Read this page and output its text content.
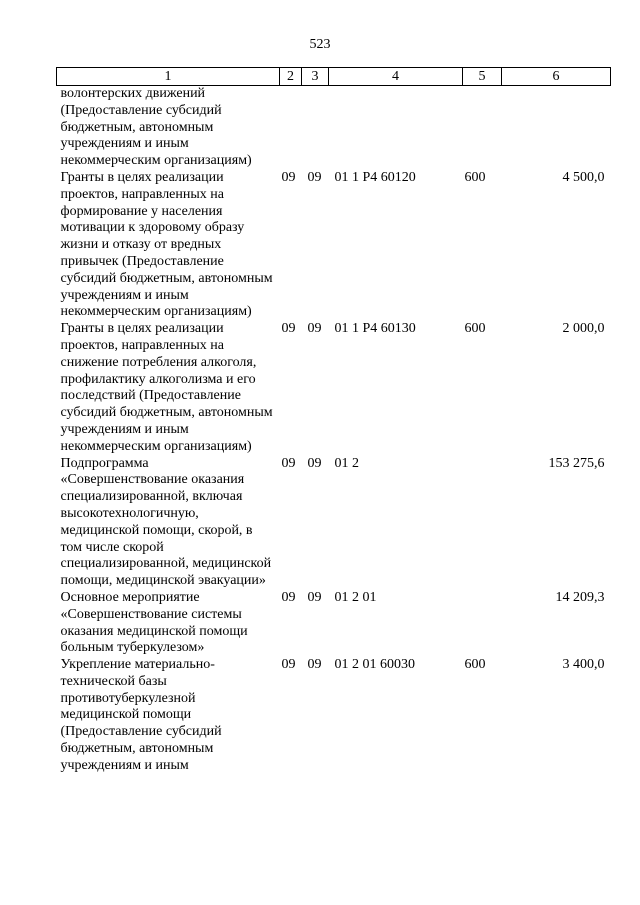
523
1	2	3	4	5	6
волонтерских движений (Предоставление субсидий бюджетным, автономным учреждениям и иным некоммерческим организациям)					
Гранты в целях реализации проектов, направленных на формирование у населения мотивации к здоровому образу жизни и отказу от вредных привычек (Предоставление субсидий бюджетным, автономным учреждениям и иным некоммерческим организациям)	09	09	01 1 Р4 60120	600	4 500,0
Гранты в целях реализации проектов, направленных на снижение потребления алкоголя, профилактику алкоголизма и его последствий (Предоставление субсидий бюджетным, автономным учреждениям и иным некоммерческим организациям)	09	09	01 1 Р4 60130	600	2 000,0
Подпрограмма «Совершенствование оказания специализированной, включая высокотехнологичную, медицинской помощи, скорой, в том числе скорой специализированной, медицинской помощи, медицинской эвакуации»	09	09	01 2		153 275,6
Основное мероприятие «Совершенствование системы оказания медицинской помощи больным туберкулезом»	09	09	01 2 01		14 209,3
Укрепление материально-технической базы противотуберкулезной медицинской помощи (Предоставление субсидий бюджетным, автономным учреждениям и иным	09	09	01 2 01 60030	600	3 400,0
